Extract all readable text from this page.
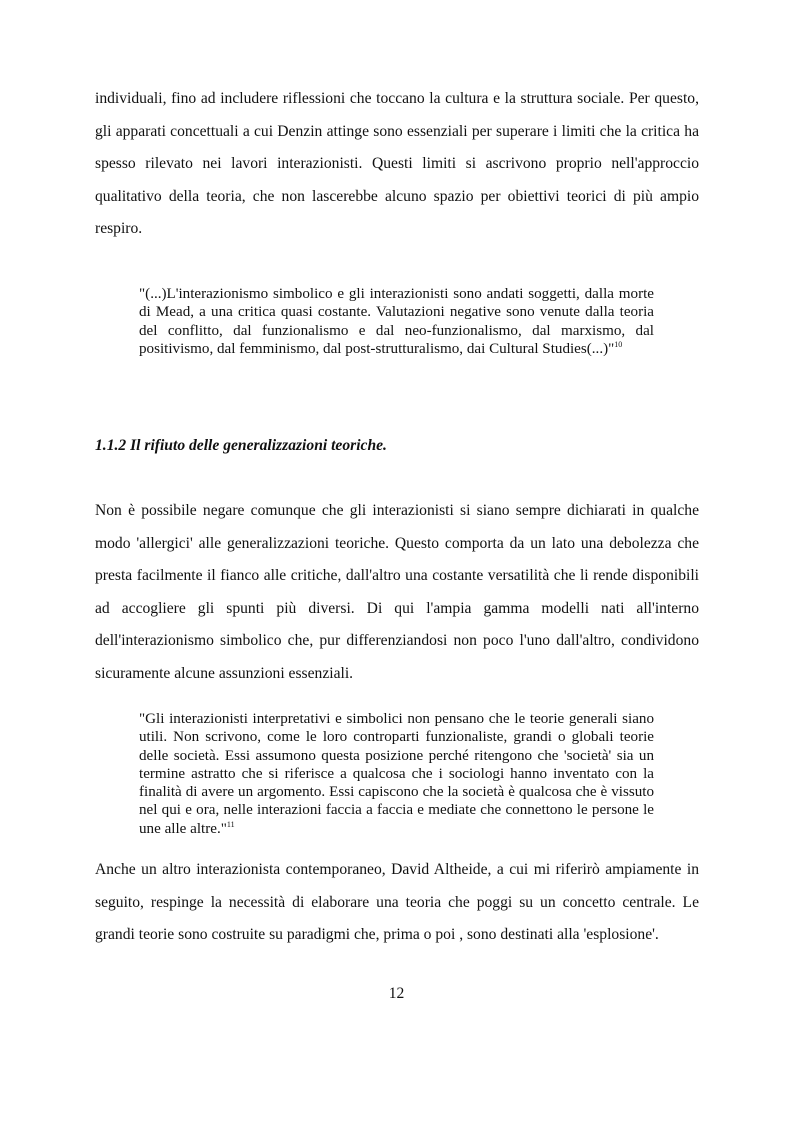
individuali, fino ad includere riflessioni che toccano la cultura e la struttura sociale. Per questo, gli apparati concettuali a cui Denzin attinge sono essenziali per superare i limiti che la critica ha spesso rilevato nei lavori interazionisti. Questi limiti si ascrivono proprio nell'approccio qualitativo della teoria, che non lascerebbe alcuno spazio per obiettivi teorici di più ampio respiro.

"(...)L'interazionismo simbolico e gli interazionisti sono andati soggetti, dalla morte di Mead, a una critica quasi costante. Valutazioni negative sono venute dalla teoria del conflitto, dal funzionalismo e dal neo-funzionalismo, dal marxismo, dal positivismo, dal femminismo, dal post-strutturalismo, dai Cultural Studies(...)"$^{10}$

1.1.2 Il rifiuto delle generalizzazioni teoriche.

Non è possibile negare comunque che gli interazionisti si siano sempre dichiarati in qualche modo 'allergici' alle generalizzazioni teoriche. Questo comporta da un lato una debolezza che presta facilmente il fianco alle critiche, dall'altro una costante versatilità che li rende disponibili ad accogliere gli spunti più diversi. Di qui l'ampia gamma modelli nati all'interno dell'interazionismo simbolico che, pur differenziandosi non poco l'uno dall'altro, condividono sicuramente alcune assunzioni essenziali.

"Gli interazionisti interpretativi e simbolici non pensano che le teorie generali siano utili. Non scrivono, come le loro controparti funzionaliste, grandi o globali teorie delle società. Essi assumono questa posizione perché ritengono che 'società' sia un termine astratto che si riferisce a qualcosa che i sociologi hanno inventato con la finalità di avere un argomento. Essi capiscono che la società è qualcosa che è vissuto nel qui e ora, nelle interazioni faccia a faccia e mediate che connettono le persone le une alle altre."$^{11}$

Anche un altro interazionista contemporaneo, David Altheide, a cui mi riferirò ampiamente in seguito, respinge la necessità di elaborare una teoria che poggi su un concetto centrale. Le grandi teorie sono costruite su paradigmi che, prima o poi , sono destinati alla 'esplosione'.

12
